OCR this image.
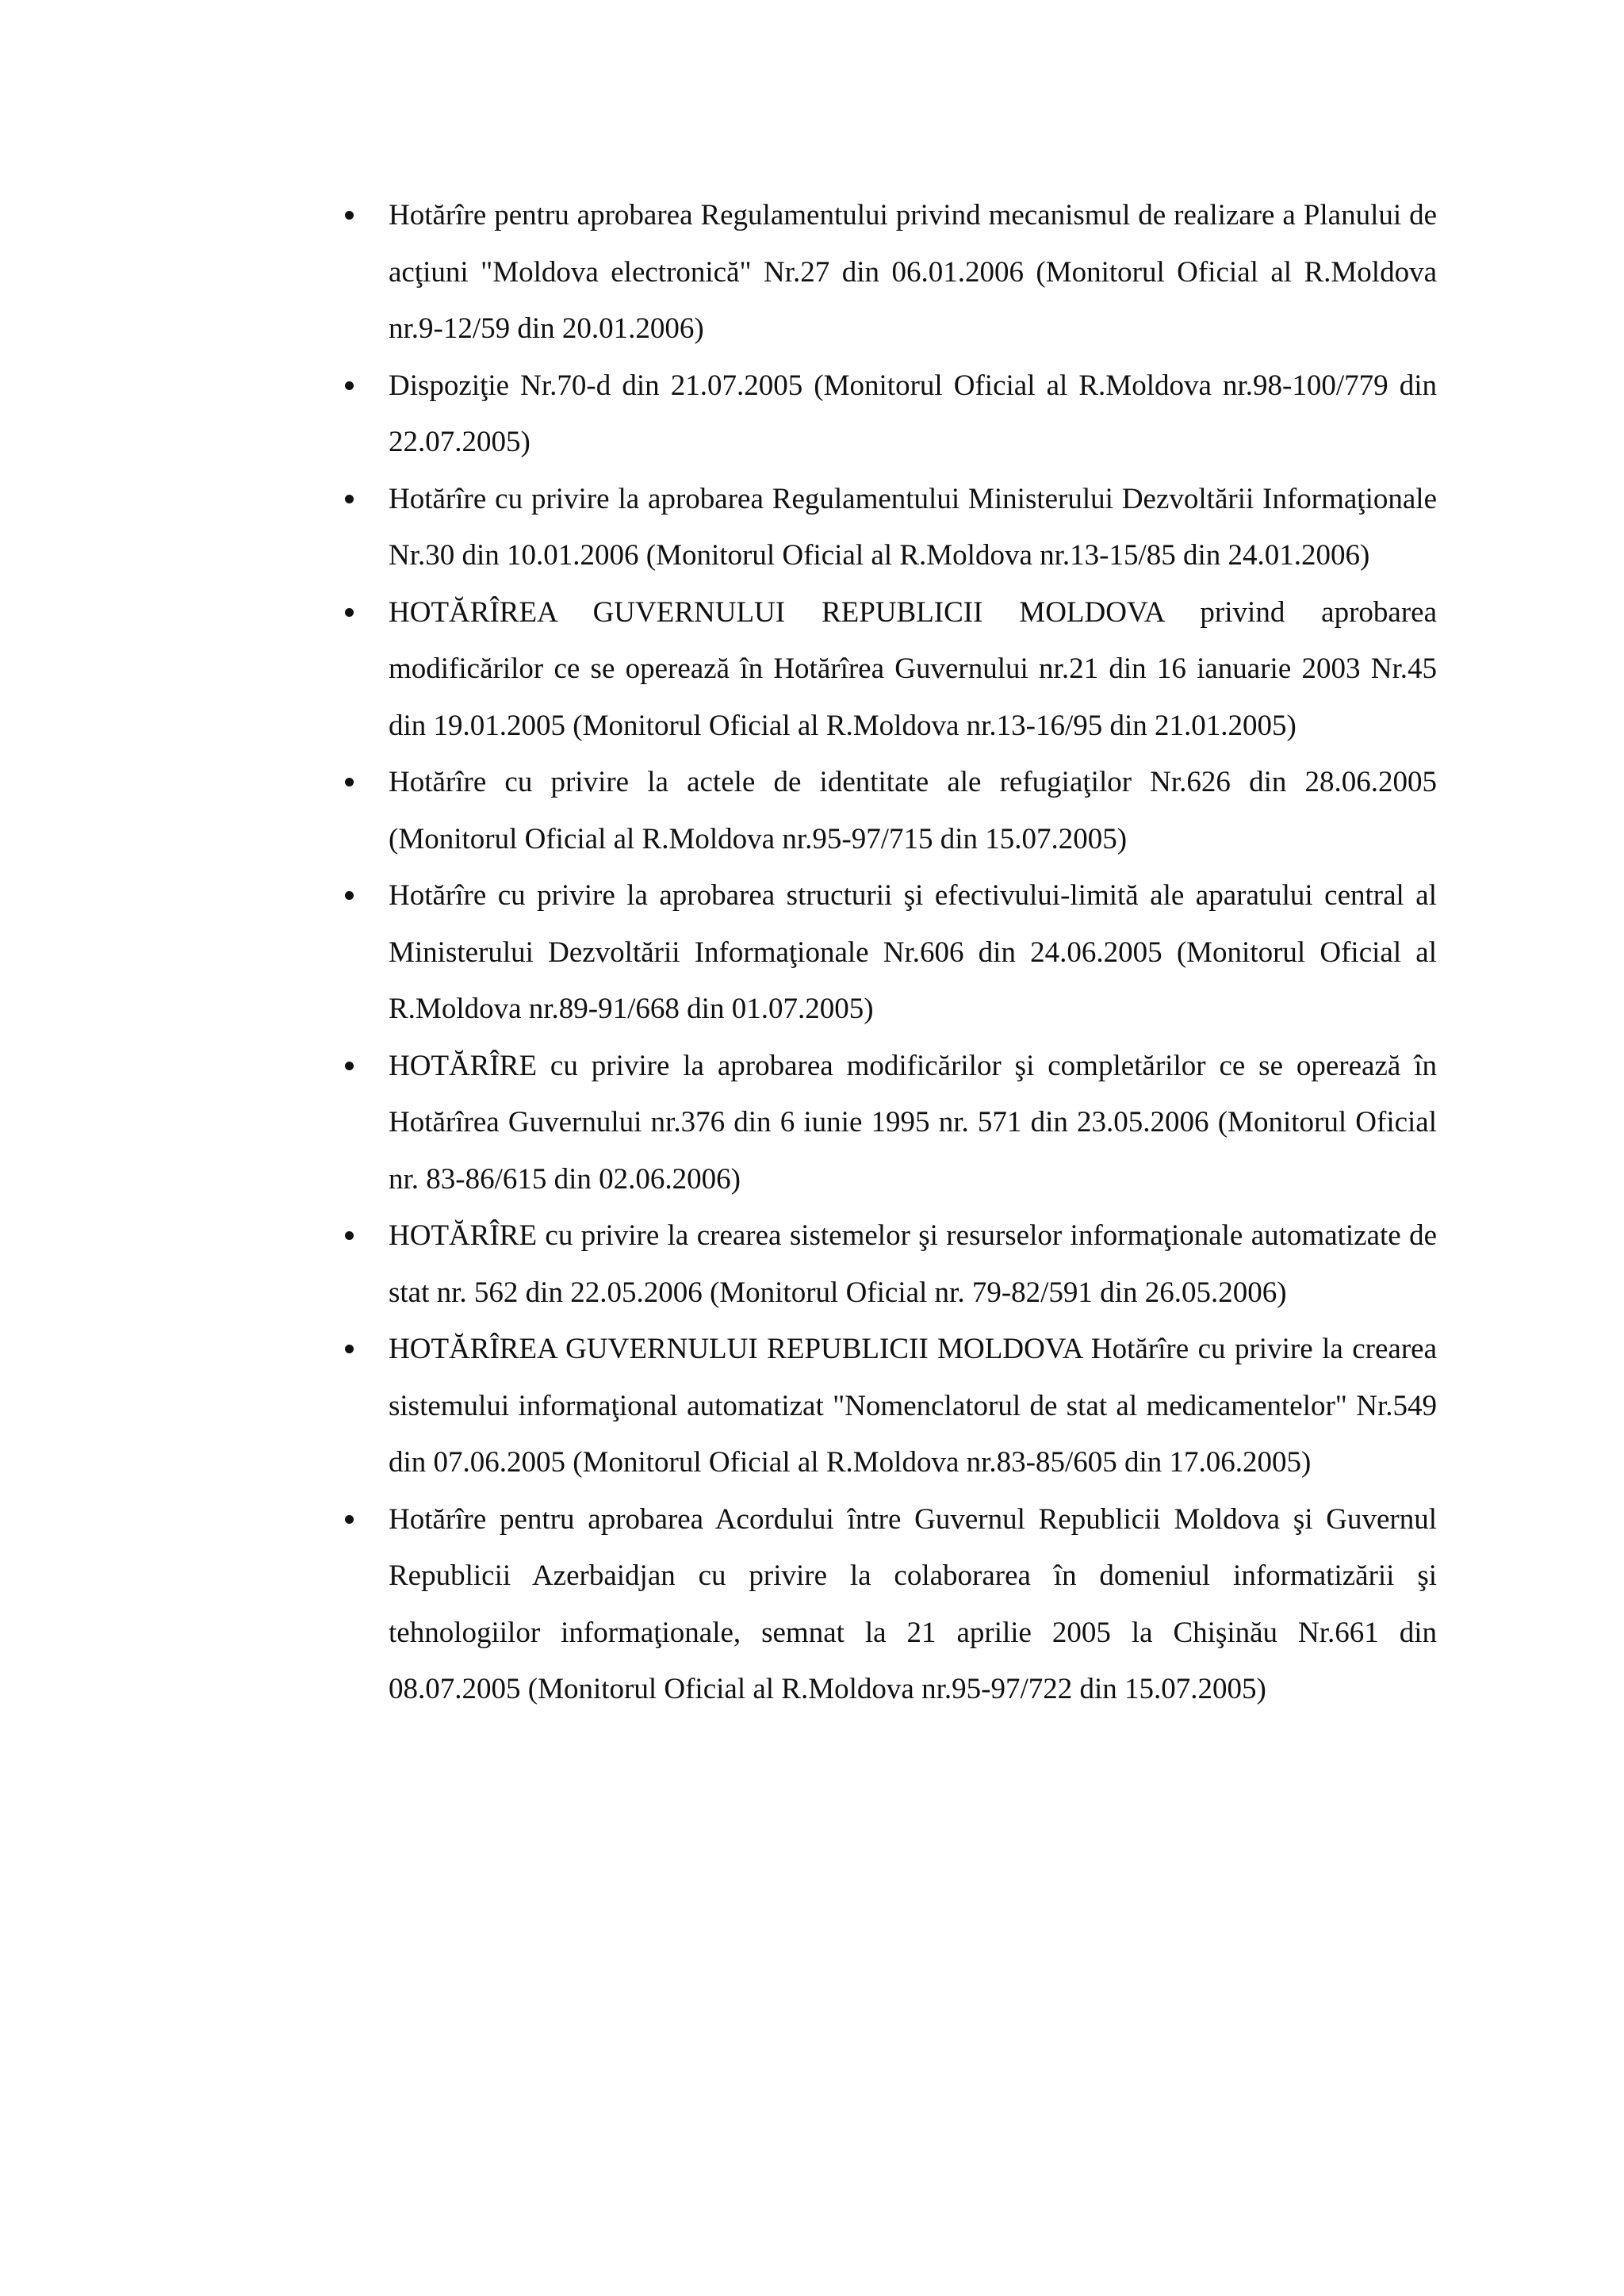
Hotărîre pentru aprobarea Regulamentului privind mecanismul de realizare a Planului de acţiuni "Moldova electronică" Nr.27 din 06.01.2006 (Monitorul Oficial al R.Moldova nr.9-12/59 din 20.01.2006)
Dispoziţie Nr.70-d din 21.07.2005 (Monitorul Oficial al R.Moldova nr.98-100/779 din 22.07.2005)
Hotărîre cu privire la aprobarea Regulamentului Ministerului Dezvoltării Informaţionale Nr.30 din 10.01.2006 (Monitorul Oficial al R.Moldova nr.13-15/85 din 24.01.2006)
HOTĂRÎREA GUVERNULUI REPUBLICII MOLDOVA privind aprobarea modificărilor ce se operează în Hotărîrea Guvernului nr.21 din 16 ianuarie 2003 Nr.45 din 19.01.2005 (Monitorul Oficial al R.Moldova nr.13-16/95 din 21.01.2005)
Hotărîre cu privire la actele de identitate ale refugiaţilor Nr.626 din 28.06.2005 (Monitorul Oficial al R.Moldova nr.95-97/715 din 15.07.2005)
Hotărîre cu privire la aprobarea structurii şi efectivului-limită ale aparatului central al Ministerului Dezvoltării Informaţionale Nr.606 din 24.06.2005 (Monitorul Oficial al R.Moldova nr.89-91/668 din 01.07.2005)
HOTĂRÎRE cu privire la aprobarea modificărilor şi completărilor ce se operează în Hotărîrea Guvernului nr.376 din 6 iunie 1995 nr. 571 din 23.05.2006 (Monitorul Oficial nr. 83-86/615 din 02.06.2006)
HOTĂRÎRE cu privire la crearea sistemelor şi resurselor informaţionale automatizate de stat nr. 562 din 22.05.2006 (Monitorul Oficial nr. 79-82/591 din 26.05.2006)
HOTĂRÎREA GUVERNULUI REPUBLICII MOLDOVA Hotărîre cu privire la crearea sistemului informaţional automatizat "Nomenclatorul de stat al medicamentelor" Nr.549 din 07.06.2005 (Monitorul Oficial al R.Moldova nr.83-85/605 din 17.06.2005)
Hotărîre pentru aprobarea Acordului între Guvernul Republicii Moldova şi Guvernul Republicii Azerbaidjan cu privire la colaborarea în domeniul informatizării şi tehnologiilor informaţionale, semnat la 21 aprilie 2005 la Chişinău Nr.661 din 08.07.2005 (Monitorul Oficial al R.Moldova nr.95-97/722 din 15.07.2005)
